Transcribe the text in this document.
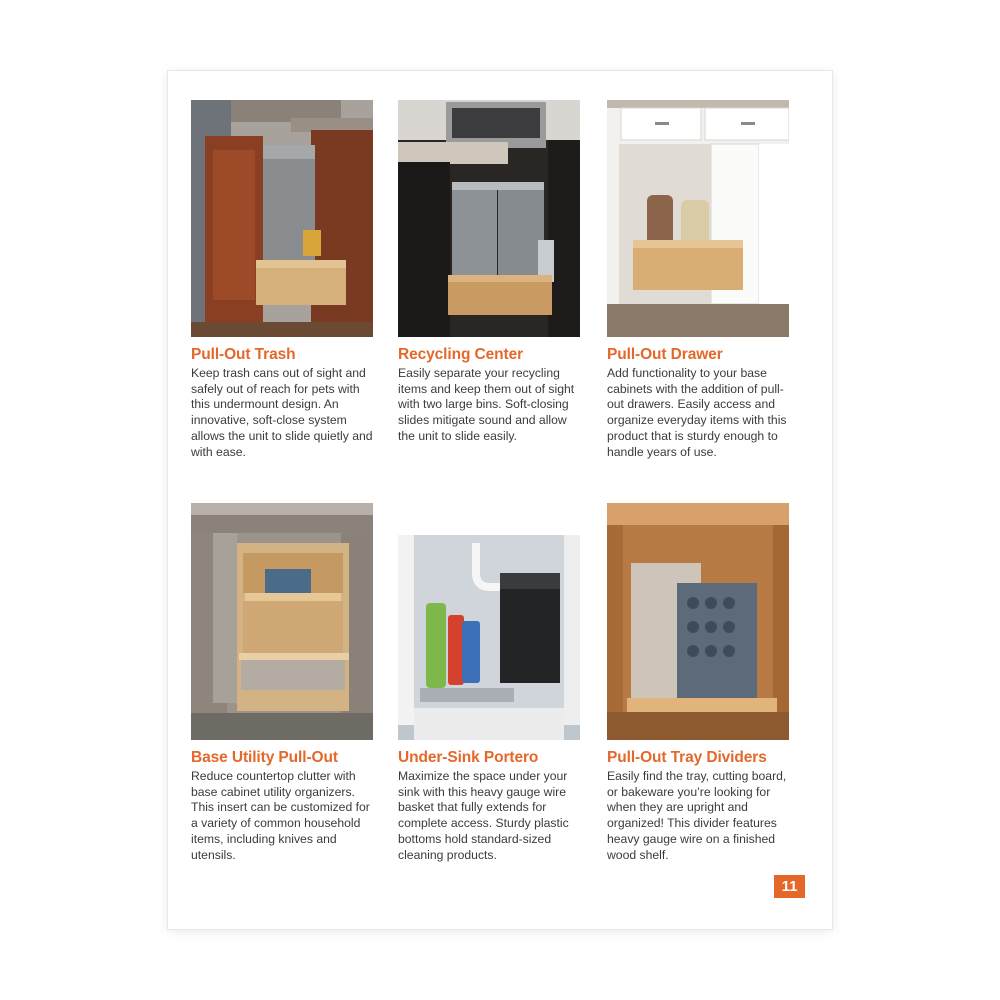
Pull-Out Trash
Keep trash cans out of sight and safely out of reach for pets with this undermount design. An innovative, soft-close system allows the unit to slide quietly and with ease.
Recycling Center
Easily separate your recycling items and keep them out of sight with two large bins. Soft-closing slides mitigate sound and allow the unit to slide easily.
Pull-Out Drawer
Add functionality to your base cabinets with the addition of pull-out drawers. Easily access and organize everyday items with this product that is sturdy enough to handle years of use.
Base Utility Pull-Out
Reduce countertop clutter with base cabinet utility organizers. This insert can be customized for a variety of common household items, including knives and utensils.
Under-Sink Portero
Maximize the space under your sink with this heavy gauge wire basket that fully extends for complete access. Sturdy plastic bottoms hold standard-sized cleaning products.
Pull-Out Tray Dividers
Easily find the tray, cutting board, or bakeware you’re looking for when they are upright and organized! This divider features heavy gauge wire on a finished wood shelf.
11
